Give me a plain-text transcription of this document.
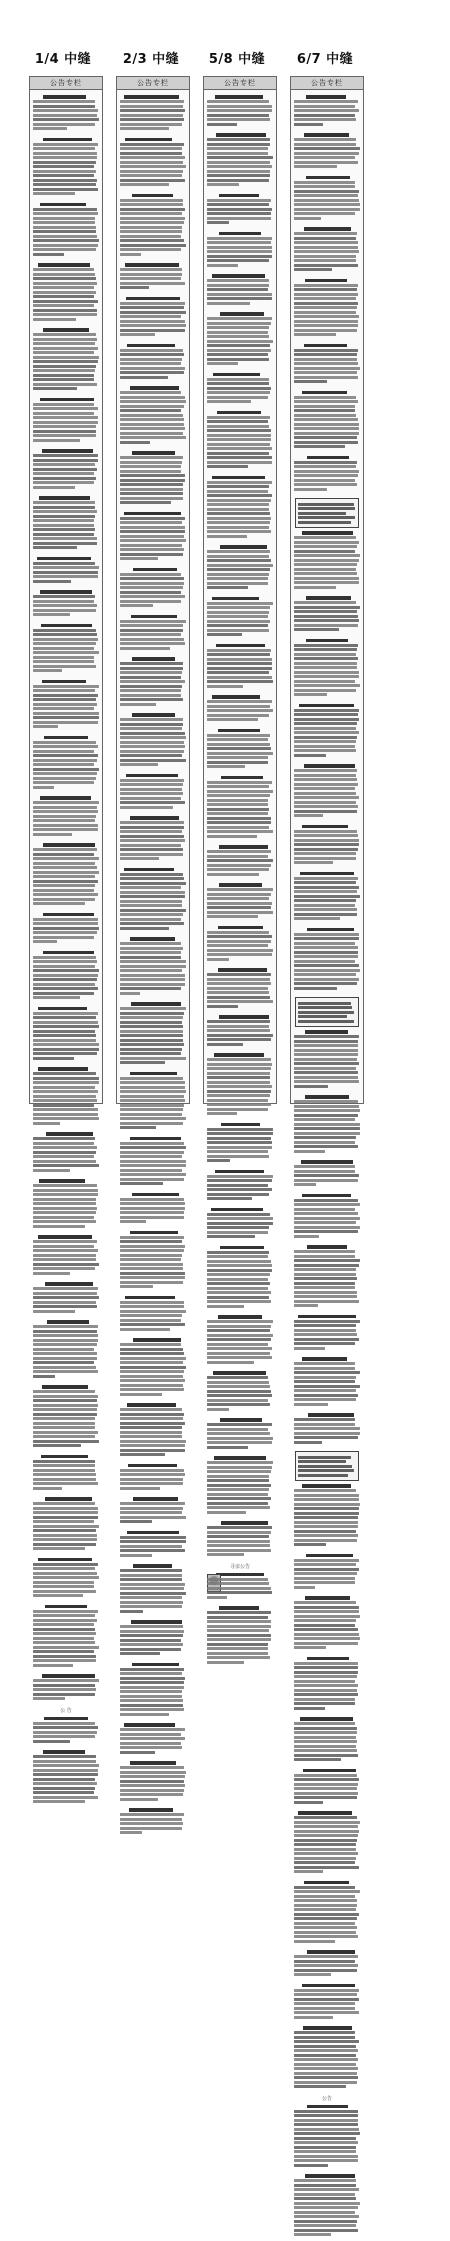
1/4 中缝	2/3 中缝	5/8 中缝	6/7 中缝
公告专栏
公 告
公告专栏	公告专栏
寻亲公告
公告专栏
公告
